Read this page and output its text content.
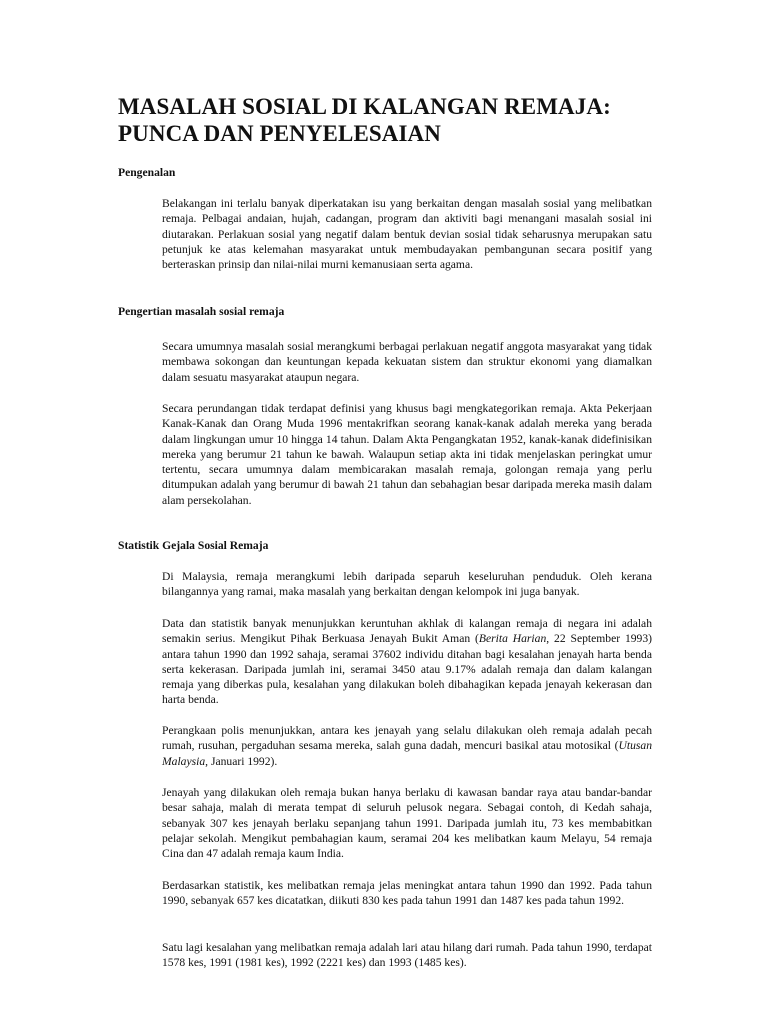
MASALAH SOSIAL DI KALANGAN REMAJA:
PUNCA DAN PENYELESAIAN
Pengenalan

Belakangan ini terlalu banyak diperkatakan isu yang berkaitan dengan masalah sosial yang melibatkan remaja. Pelbagai andaian, hujah, cadangan, program dan aktiviti bagi menangani masalah sosial ini diutarakan. Perlakuan sosial yang negatif dalam bentuk devian sosial tidak seharusnya merupakan satu petunjuk ke atas kelemahan masyarakat untuk membudayakan pembangunan secara positif yang berteraskan prinsip dan nilai-nilai murni kemanusiaan serta agama.

Pengertian masalah sosial remaja

Secara umumnya masalah sosial merangkumi berbagai perlakuan negatif anggota masyarakat yang tidak membawa sokongan dan keuntungan kepada kekuatan sistem dan struktur ekonomi yang diamalkan dalam sesuatu masyarakat ataupun negara.

Secara perundangan tidak terdapat definisi yang khusus bagi mengkategorikan remaja. Akta Pekerjaan Kanak-Kanak dan Orang Muda 1996 mentakrifkan seorang kanak-kanak adalah mereka yang berada dalam lingkungan umur 10 hingga 14 tahun. Dalam Akta Pengangkatan 1952, kanak-kanak didefinisikan mereka yang berumur 21 tahun ke bawah. Walaupun setiap akta ini tidak menjelaskan peringkat umur tertentu, secara umumnya dalam membicarakan masalah remaja, golongan remaja yang perlu ditumpukan adalah yang berumur di bawah 21 tahun dan sebahagian besar daripada mereka masih dalam alam persekolahan.

Statistik Gejala Sosial Remaja

Di Malaysia, remaja merangkumi lebih daripada separuh keseluruhan penduduk. Oleh kerana bilangannya yang ramai, maka masalah yang berkaitan dengan kelompok ini juga banyak.

Data dan statistik banyak menunjukkan keruntuhan akhlak di kalangan remaja di negara ini adalah semakin serius. Mengikut Pihak Berkuasa Jenayah Bukit Aman (Berita Harian, 22 September 1993) antara tahun 1990 dan 1992 sahaja, seramai 37602 individu ditahan bagi kesalahan jenayah harta benda serta kekerasan. Daripada jumlah ini, seramai 3450 atau 9.17% adalah remaja dan dalam kalangan remaja yang diberkas pula, kesalahan yang dilakukan boleh dibahagikan kepada jenayah kekerasan dan harta benda.

Perangkaan polis menunjukkan, antara kes jenayah yang selalu dilakukan oleh remaja adalah pecah rumah, rusuhan, pergaduhan sesama mereka, salah guna dadah, mencuri basikal atau motosikal (Utusan Malaysia, Januari 1992).

Jenayah yang dilakukan oleh remaja bukan hanya berlaku di kawasan bandar raya atau bandar-bandar besar sahaja, malah di merata tempat di seluruh pelusok negara. Sebagai contoh, di Kedah sahaja, sebanyak 307 kes jenayah berlaku sepanjang tahun 1991. Daripada jumlah itu, 73 kes membabitkan pelajar sekolah. Mengikut pembahagian kaum, seramai 204 kes melibatkan kaum Melayu, 54 remaja Cina dan 47 adalah remaja kaum India.

Berdasarkan statistik, kes melibatkan remaja jelas meningkat antara tahun 1990 dan 1992. Pada tahun 1990, sebanyak 657 kes dicatatkan, diikuti 830 kes pada tahun 1991 dan 1487 kes pada tahun 1992.

Satu lagi kesalahan yang melibatkan remaja adalah lari atau hilang dari rumah. Pada tahun 1990, terdapat 1578 kes, 1991 (1981 kes), 1992 (2221 kes) dan 1993 (1485 kes).
